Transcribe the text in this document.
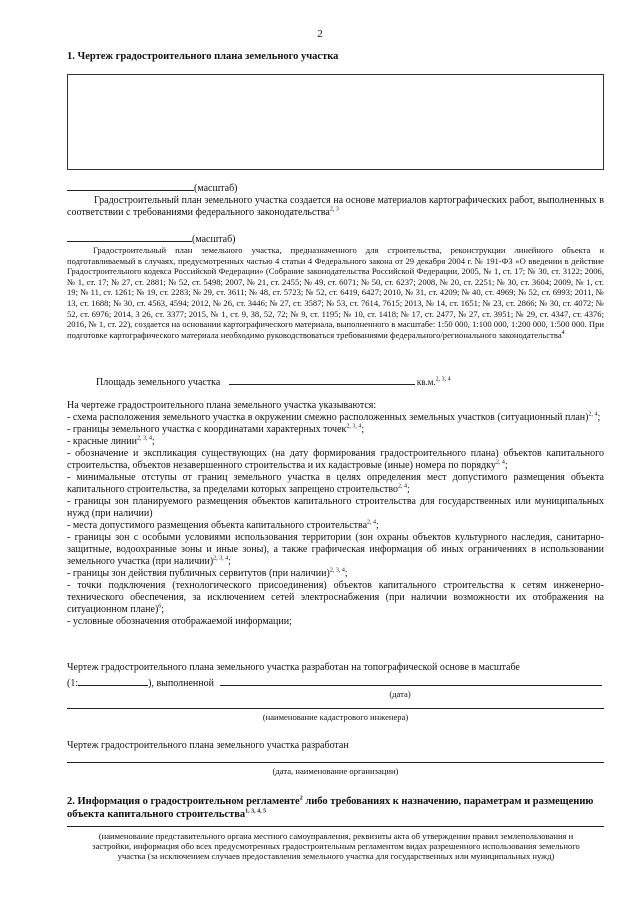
2
1. Чертеж градостроительного плана земельного участка
(масштаб)
Градостроительный план земельного участка создается на основе материалов картографических работ, выполненных в соответствии с требованиями федерального законодательства$^{2, 3}$
(масштаб)
Градостроительный план земельного участка, предназначенного для строительства, реконструкции линейного объекта и подготавливаемый в случаях, предусмотренных частью 4 статьи 4 Федерального закона от 29 декабря 2004 г. № 191-ФЗ «О введении в действие Градостроительного кодекса Российской Федерации» (Собрание законодательства Российской Федерации, 2005, № 1, ст. 17; № 30, ст. 3122; 2006, № 1, ст. 17; № 27, ст. 2881; № 52, ст. 5498; 2007, № 21, ст. 2455; № 49, ст. 6071; № 50, ст. 6237; 2008, № 20, ст. 2251; № 30, ст. 3604; 2009, № 1, ст. 19; № 11, ст. 1261; № 19, ст. 2283; № 29, ст. 3611; № 48, ст. 5723; № 52, ст. 6419, 6427; 2010, № 31, ст. 4209; № 40, ст. 4969; № 52, ст. 6993; 2011, № 13, ст. 1688; № 30, ст. 4563, 4594; 2012, № 26, ст. 3446; № 27, ст. 3587; № 53, ст. 7614, 7615; 2013, № 14, ст. 1651; № 23, ст. 2866; № 30, ст. 4072; № 52, ст. 6976; 2014, 3 26, ст. 3377; 2015, № 1, ст. 9, 38, 52, 72; № 9, ст. 1195; № 10, ст. 1418; № 17, ст. 2477, № 27, ст. 3951; № 29, ст. 4347, ст. 4376; 2016, № 1, ст. 22), создается на основании картографического материала, выполненного в масштабе: 1:50 000, 1:100 000, 1:200 000, 1:500 000. При подготовке картографического материала необходимо руководствоваться требованиями федерального/регионального законодательства$^4$
Площадь земельного участка	кв.м.$^{2, 3, 4}$
На чертеже градостроительного плана земельного участка указываются:

- схема расположения земельного участка в окружении смежно расположенных земельных участков (ситуационный план)$^{2, 4}$;

- границы земельного участка с координатами характерных точек$^{2, 3, 4}$;

- красные линии$^{2, 3, 4}$;

- обозначение и экспликация существующих (на дату формирования градостроительного плана) объектов капитального строительства, объектов незавершенного строительства и их кадастровые (иные) номера по порядку$^{2, 4}$;

- минимальные отступы от границ земельного участка в целях определения мест допустимого размещения объекта капитального строительства, за пределами которых запрещено строительство$^{2, 4}$;

- границы зон планируемого размещения объектов капитального строительства для государственных или муниципальных нужд (при наличии)

- места допустимого размещения объекта капитального строительства$^{2, 4}$;

- границы зон с особыми условиями использования территории (зон охраны объектов культурного наследия, санитарно-защитные, водоохранные зоны и иные зоны), а также графическая информация об иных ограничениях в использовании земельного участка (при наличии)$^{2, 3, 4}$;

- границы зон действия публичных сервитутов (при наличии)$^{2, 3, 4}$;

- точки подключения (технологического присоединения) объектов капитального строительства к сетям инженерно-технического обеспечения, за исключением сетей электроснабжения (при наличии возможности их отображения на ситуационном плане)$^6$;

- условные обозначения отображаемой информации;

Чертеж градостроительного плана земельного участка разработан на топографической основе в масштабе
(1:	), выполненной
(дата)
(наименование кадастрового инженера)
Чертеж градостроительного плана земельного участка разработан
(дата, наименование организации)
2. Информация о градостроительном регламенте$^2$ либо требованиях к назначению, параметрам и размещению объекта капитального строительства$^{1, 3, 4, 5}$
(наименование представительного органа местного самоуправления, реквизиты акта об утверждении правил землепользования и застройки, информация обо всех предусмотренных градостроительным регламентом видах разрешенного использования земельного участка (за исключением случаев предоставления земельного участка для государственных или муниципальных нужд)
